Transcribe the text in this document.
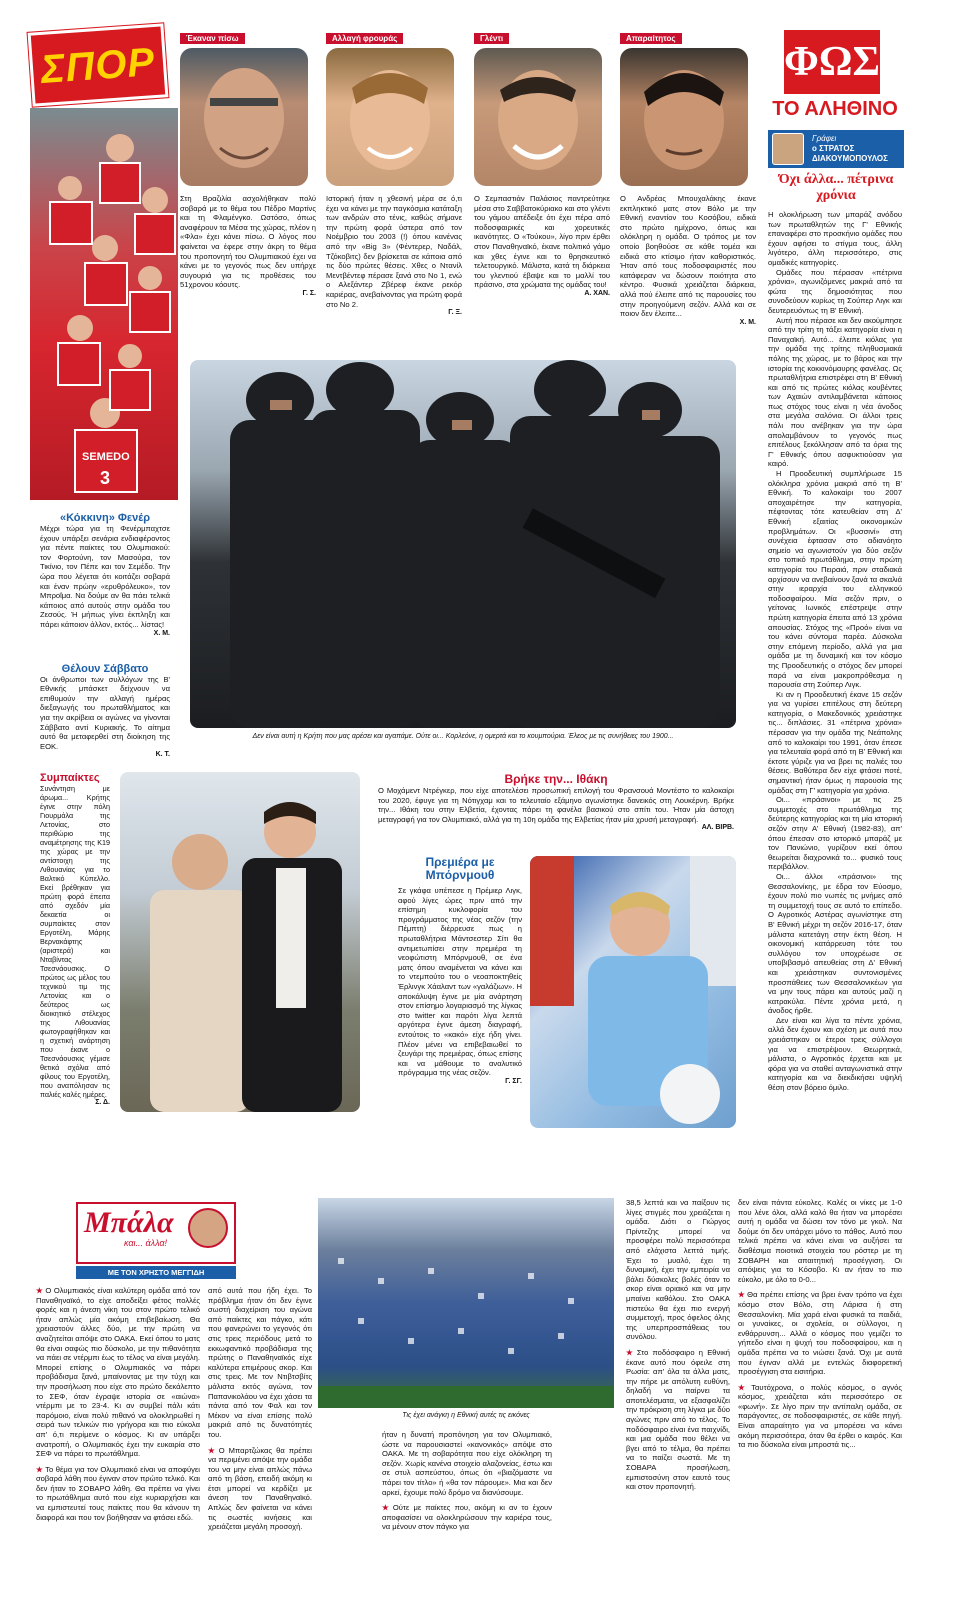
ΣΠΟΡ
SEMEDO
3
Έκαναν πίσω
Στη Βραζιλία ασχολήθηκαν πολύ σοβαρά με το θέμα του Πέδρο Μαρτίνς και τη Φλαμένγκο. Ωστόσο, όπως αναφέρουν τα Μέσα της χώρας, πλέον η «Φλα» έχει κάνει πίσω. Ο λόγος που φαίνεται να έφερε στην άκρη το θέμα του προπονητή του Ολυμπιακού έχει να κάνει με το γεγονός πως δεν υπήρχε συγουριά για τις προθέσεις του 51χρονου κόουτς.
Γ. Σ.
Αλλαγή φρουράς
Ιστορική ήταν η χθεσινή μέρα σε ό,τι έχει να κάνει με την παγκόσμια κατάταξη των ανδρών στο τένις, καθώς σήμανε την πρώτη φορά ύστερα από τον Νοέμβριο του 2003 (!) όπου κανένας από την «Big 3» (Φέντερερ, Ναδάλ, Τζόκοβιτς) δεν βρίσκεται σε κάποια από τις δύο πρώτες θέσεις. Χθες ο Ντανίλ Μεντβέντεφ πέρασε ξανά στο Νο 1, ενώ ο Αλεξάντερ Ζβέρεφ έκανε ρεκόρ καριέρας, ανεβαίνοντας για πρώτη φορά στο Νο 2.
Γ. Ξ.
Γλέντι
Ο Σεμπαστιάν Παλάσιος παντρεύτηκε μέσα στο Σαββατοκύριακο και στο γλέντι του γάμου απέδειξε ότι έχει πέρα από ποδοσφαιρικές και χορευτικές ικανότητες. Ο «Τούκου», λίγο πριν έρθει στον Παναθηναϊκό, έκανε πολιτικό γάμο και χθες έγινε και το θρησκευτικό τελετουργικό. Μάλιστα, κατά τη διάρκεια του γλεντιού έβαψε και το μαλλί του πράσινο, στα χρώματα της ομάδας του!
Α. ΧΑΝ.
Απαραίτητος
Ο Ανδρέας Μπουχαλάκης έκανε εκπληκτικό ματς στον Βόλο με την Εθνική εναντίον του Κοσόβου, ειδικά στο πρώτο ημίχρονο, όπως και ολόκληρη η ομάδα. Ο τρόπος με τον οποίο βοηθούσε σε κάθε τομέα και ειδικά στο κτίσιμο ήταν καθοριστικός. Ήταν από τους ποδοσφαιριστές που κατάφεραν να δώσουν ποιότητα στο κέντρο. Φυσικά χρειάζεται διάρκεια, αλλά πού έλειπε από τις παρουσίες του στην προηγούμενη σεζόν. Αλλά και σε ποιον δεν έλειπε...
Χ. Μ.
ΦΩΣ
ΤΟ ΑΛΗΘΙΝΟ
Γράφει
ο ΣΤΡΑΤΟΣ ΔΙΑΚΟΥΜΟΠΟΥΛΟΣ
Όχι άλλα... πέτρινα χρόνια

Η ολοκλήρωση των μπαράζ ανόδου των πρωταθλητών της Γ' Εθνικής επαναφέρει στο προσκήνιο ομάδες που έχουν αφήσει το στίγμα τους, άλλη λιγότερο, άλλη περισσότερο, στις ομαδικές κατηγορίες.

Ομάδες που πέρασαν «πέτρινα χρόνια», αγωνιζόμενες μακριά από τα φώτα της δημοσιότητας που συνοδεύουν κυρίως τη Σούπερ Λιγκ και δευτερευόντως τη Β' Εθνική.

Αυτή που πέρασε και δεν ακούμπησε από την τρίτη τη τάξει κατηγορία είναι η Παναχαϊκή. Αυτό... έλειπε κιόλας για την ομάδα της τρίτης πληθυσμιακά πόλης της χώρας, με το βάρος και την ιστορία της κοκκινόμαυρης φανέλας. Ως πρωταθλήτρια επιστρέφει στη Β' Εθνική και από τις πρώτες κιόλας κουβέντες των Αχαιών αντιλαμβάνεται κάποιος πως στόχος τους είναι η νέα άνοδος στα μεγάλα σαλόνια. Οι άλλοι τρεις πάλι που ανέβηκαν για την ώρα απολαμβάνουν το γεγονός πως επιτέλους ξεκόλλησαν από τα όρια της Γ' Εθνικής όπου ασφυκτιούσαν για καιρό.

Η Προοδευτική συμπλήρωσε 15 ολόκληρα χρόνια μακριά από τη Β' Εθνική. Το καλοκαίρι του 2007 αποχαιρέτησε την κατηγορία, πέφτοντας τότε κατευθείαν στη Δ' Εθνική εξαιτίας οικονομικών προβλημάτων. Οι «βυσσινί» στη συνέχεια έφτασαν στο αδιανόητο σημείο να αγωνιστούν για δύο σεζόν στο τοπικό πρωτάθλημα, στην πρώτη κατηγορία του Πειραιά, πριν σταδιακά αρχίσουν να ανεβαίνουν ξανά τα σκαλιά στην ιεραρχία του ελληνικού ποδοσφαίρου. Μία σεζόν πριν, ο γείτονας Ιωνικός επέστρεψε στην πρώτη κατηγορία έπειτα από 13 χρόνια απουσίας. Στόχος της «Προό» είναι να του κάνει σύντομα παρέα. Δύσκολα στην επόμενη περίοδο, αλλά για μια ομάδα με τη δυναμική και τον κόσμο της Προοδευτικής ο στόχος δεν μπορεί παρά να είναι μακροπρόθεσμα η παρουσία στη Σούπερ Λιγκ.

Κι αν η Προοδευτική έκανε 15 σεζόν για να γυρίσει επιτέλους στη δεύτερη κατηγορία, ο Μακεδονικός χρειάστηκε τις... διπλάσιες. 31 «πέτρινα χρόνια» πέρασαν για την ομάδα της Νεάπολης από το καλοκαίρι του 1991, όταν έπεσε για τελευταία φορά από τη Β' Εθνική και έκτοτε γύριζε για να βρει τις παλιές του θέσεις. Βαθύτερα δεν είχε φτάσει ποτέ, σημαντική ήταν όμως η παρουσία της ομάδας στη Γ' κατηγορία για χρόνια.

Οι... «πράσινοι» με τις 25 συμμετοχές στο πρωτάθλημα της δεύτερης κατηγορίας και τη μία ιστορική σεζόν στην Α' Εθνική (1982-83), απ' όπου έπεσαν στο ιστορικό μπαράζ με τον Πανιώνιο, γυρίζουν εκεί όπου θεωρείται διαχρονικά το... φυσικό τους περιβάλλον.

Οι... άλλοι «πράσινοι» της Θεσσαλονίκης, με έδρα τον Εύοσμο, έχουν πολύ πιο νωπές τις μνήμες από τη συμμετοχή τους σε αυτό το επίπεδο. Ο Αγροτικός Αστέρας αγωνίστηκε στη Β' Εθνική μέχρι τη σεζόν 2016-17, όταν μάλιστα κατετάγη στην έκτη θέση. Η οικονομική κατάρρευση τότε του συλλόγου τον υποχρέωσε σε υποβιβασμό απευθείας στη Δ' Εθνική και χρειάστηκαν συντονισμένες προσπάθειες των Θεσσαλονικέων για να μην τους πάρει και αυτούς μαζί η κατρακύλα. Πέντε χρόνια μετά, η άνοδος ήρθε.

Δεν είναι και λίγα τα πέντε χρόνια, αλλά δεν έχουν και σχέση με αυτά που χρειάστηκαν οι έτεροι τρεις σύλλογοι για να επιστρέψουν. Θεωρητικά, μάλιστα, ο Αγροτικός έρχεται και με φόρα για να σταθεί ανταγωνιστικά στην κατηγορία και να διεκδικήσει υψηλή θέση στον βόρειο όμιλο.

«Κόκκινη» Φενέρ
Μέχρι τώρα για τη Φενέρμπαχτσε έχουν υπάρξει σενάρια ενδιαφέροντος για πέντε παίκτες του Ολυμπιακού: τον Φορτούνη, τον Μασούρα, τον Τικίνιο, τον Πέπε και τον Σεμέδο. Την ώρα που λέγεται ότι κοιτάζει σοβαρά και έναν πρώην «ερυθρόλευκο», τον Μπροΐμα. Να δούμε αν θα πάει τελικά κάποιος από αυτούς στην ομάδα του Ζεσούς. Ή μήπως γίνει έκπληξη και πάρει κάποιον άλλον, εκτός... λίστας!
Χ. Μ.
Θέλουν Σάββατο
Οι άνθρωποι των συλλόγων της Β' Εθνικής μπάσκετ δείχνουν να επιθυμούν την αλλαγή ημέρας διεξαγωγής του πρωταθλήματος και για την ακρίβεια οι αγώνες να γίνονται Σάββατο αντί Κυριακής. Το αίτημα αυτό θα μεταφερθεί στη διοίκηση της ΕΟΚ.
Κ. Τ.
Δεν είναι αυτή η Κρήτη που μας αρέσει και αγαπάμε. Ούτε οι... Κορλεόνε, η ομερτά και το κουμπούρια. Έλεος με τις συνήθειες του 1900...
Συμπαίκτες
Συνάντηση με άρωμα... Κρήτης έγινε στην πόλη Γιουρμάλα της Λετονίας, στο περιθώριο της αναμέτρησης της Κ19 της χώρας με την αντίστοιχη της Λιθουανίας για το Βαλτικό Κύπελλο. Εκεί βρέθηκαν για πρώτη φορά έπειτα από σχεδόν μία δεκαετία οι συμπαίκτες στον Εργοτέλη, Μάρης Βερνακάφτης (αριστερά) και Νταβίντας Τσεσνάουσκις. Ο πρώτος ως μέλος του τεχνικού τιμ της Λετονίας και ο δεύτερος ως διοικητικό στέλεχος της Λιθουανίας φωτογραφήθηκαν και η σχετική ανάρτηση που έκανε ο Τσεσνάουσκις γέμισε θετικά σχόλια από φίλους του Εργοτέλη, που αναπόλησαν τις παλιές καλές ημέρες.
Σ. Δ.
Βρήκε την... Ιθάκη
Ο Μοχάμεντ Ντρέγκερ, που είχε αποτελέσει προσωπική επιλογή του Φρανσουά Μοντέστο το καλοκαίρι του 2020, έφυγε για τη Νότιγχαμ και το τελευταίο εξάμηνο αγωνίστηκε δανεικός στη Λουκέρνη. Βρήκε την... Ιθάκη του στην Ελβετία, έχοντας πάρει τη φανέλα βασικού στο σπίτι του. Ήταν μία άστοχη μεταγραφή για τον Ολυμπιακό, αλλά για τη 10η ομάδα της Ελβετίας ήταν μία χρυσή μεταγραφή.
ΑΛ. ΒΙΡΒ.
Πρεμιέρα με Μπόρνμουθ
Σε γκάφα υπέπεσε η Πρέμιερ Λιγκ, αφού λίγες ώρες πριν από την επίσημη κυκλοφορία του προγράμματος της νέας σεζόν (την Πέμπτη) διέρρευσε πως η πρωταθλήτρια Μάντσεστερ Σίτι θα αντιμετωπίσει στην πρεμιέρα τη νεοφώτιστη Μπόρνμουθ, σε ένα ματς όπου αναμένεται να κάνει και το ντεμπούτο του ο νεοαποκτηθείς Έρλινγκ Χάαλαντ των «γαλάζιων». Η αποκάλυψη έγινε με μία ανάρτηση στον επίσημο λογαριασμό της λίγκας στο twitter και παρότι λίγα λεπτά αργότερα έγινε άμεση διαγραφή, εντούτοις το «κακό» είχε ήδη γίνει. Πλέον μένει να επιβεβαιωθεί το ζευγάρι της πρεμιέρας, όπως επίσης και να μάθουμε το αναλυτικό πρόγραμμα της νέας σεζόν.
Γ. ΣΓ.
Μπάλα
και... άλλα!
ΜΕ ΤΟΝ ΧΡΗΣΤΟ ΜΕΓΓΙΔΗ

★ Ο Ολυμπιακός είναι καλύτερη ομάδα από τον Παναθηναϊκό, το είχε αποδείξει φέτος πολλές φορές και η άνεση νίκη του στον πρώτο τελικό ήταν απλώς μία ακόμη επιβεβαίωση. Θα χρειαστούν άλλες δύο, με την πρώτη να αναζητείται απόψε στο ΟΑΚΑ. Εκεί όπου το ματς θα είναι σαφώς πιο δύσκολο, με την πιθανότητα να πάει σε ντέρμπι έως το τέλος να είναι μεγάλη. Μπορεί επίσης ο Ολυμπιακός να πάρει προβάδισμα ξανά, μπαίνοντας με την τύχη και την προσήλωση που είχε στο πρώτο δεκάλεπτο το ΣΕΦ, όταν έγραψε ιστορία σε «αιώνα» ντέρμπι με το 23-4. Κι αν συμβεί πάλι κάτι παρόμοιο, είναι πολύ πιθανό να ολοκληρωθεί η σειρά των τελικών πιο γρήγορα και πιο εύκολα απ' ό,τι περίμενε ο κόσμος. Κι αν υπάρξει ανατροπή, ο Ολυμπιακός έχει την ευκαιρία στο ΣΕΦ να πάρει το πρωτάθλημα.

★ Το θέμα για τον Ολυμπιακό είναι να αποφύγει σοβαρά λάθη που έγιναν στον πρώτο τελικό. Και δεν ήταν το ΣΟΒΑΡΟ λάθη. Θα πρέπει να γίνει το πρωτάθλημα αυτό που είχε κυριαρχήσει και να εμπιστευτεί τους παίκτες που θα κάνουν τη διαφορά και που τον βοήθησαν να φτάσει εδώ.

από αυτά που ήδη έχει. Το πρόβλημα ήταν ότι δεν έγινε σωστή διαχείριση του αγώνα από παίκτες και πάγκο, κάτι που φανερώνει το γεγονός ότι στις τρεις περιόδους μετά το εκκωφαντικό προβάδισμα της πρώτης ο Παναθηναϊκός είχε καλύτερα επιμέρους σκορ. Και στις τρεις. Με τον Ντιβτσβίτς μάλιστα εκτός αγώνα, τον Παπανικολάου να έχει χάσει τα πάντα από τον Φαλ και τον Μέκον να είναι επίσης πολύ μακριά από τις δυνατότητές του.

★ Ο Μπαρτζώκας θα πρέπει να περιμένει απόψε την ομάδα του να μην είναι απλώς πάνω από τη βάση, επειδή ακόμη κι έτσι μπορεί να κερδίζει με άνεση τον Παναθηναϊκό. Απλώς δεν φαίνεται να κάνει τις σωστές κινήσεις και χρειάζεται μεγάλη προσοχή.

Τις έχει ανάγκη η Εθνική αυτές τις εικόνες

ήταν η δυνατή προπόνηση για τον Ολυμπιακό, ώστε να παρουσιαστεί «κανονικός» απόψε στο ΟΑΚΑ. Με τη σοβαρότητα που είχε ολόκληρη τη σεζόν. Χωρίς κανένα στοιχείο αλαζονείας, έστω και σε στυλ ασπεύστου, όπως ότι «βιαζόμαστε να πάρει τον τίτλο» ή «θα τον πάρουμε». Μια και δεν αρκεί, έχουμε πολύ δρόμο να διανύσουμε.

★ Ούτε με παίκτες που, ακόμη κι αν το έχουν αποφασίσει να ολοκληρώσουν την καριέρα τους, να μένουν στον πάγκο για

38,5 λεπτά και να παίξουν τις λίγες στιγμές που χρειάζεται η ομάδα. Διότι ο Γιώργος Πρίντεζης μπορεί να προσφέρει πολύ περισσότερα από ελάχιστα λεπτά τιμής. Έχει το μυαλό, έχει τη δυναμική, έχει την εμπειρία να βάλει δύσκολες βολές όταν το σκορ είναι οριακό και να μην μπαίνει καθόλου. Στο ΟΑΚΑ πιστεύω θα έχει πιο ενεργή συμμετοχή, προς όφελος όλης της υπερπροσπάθειας του συνόλου.

★ Στο ποδόσφαιρο η Εθνική έκανε αυτό που όφειλε στη Ρωσία: απ' όλα τα άλλα ματς, την πήρε με απόλυτη ευθύνη, δηλαδή να παίρνει τα αποτελέσματα, να εξασφαλίζει την πρόκριση στη λίγκα με δύο αγώνες πριν από το τέλος. Το ποδόσφαιρο είναι ένα παιχνίδι, και μια ομάδα που θέλει να βγει από το τέλμα, θα πρέπει να το παίζει σωστά. Με τη ΣΟΒΑΡΑ προσήλωση, εμπιστοσύνη στον εαυτό τους και στον προπονητή.

δεν είναι πάντα εύκολες. Καλές οι νίκες με 1-0 που λένε όλοι, αλλά καλό θα ήταν να μπορέσει αυτή η ομάδα να δώσει τον τόνο με γκολ. Να δούμε ότι δεν υπάρχει μόνο το πάθος. Αυτό που τελικά πρέπει να κάνει είναι να αυξήσει τα διαθέσιμα ποιοτικά στοιχεία του ρόστερ με τη ΣΟΒΑΡΗ και απαιτητική προσέγγιση. Οι απόψεις για το Κόσοβο. Κι αν ήταν το πιο εύκολο, με όλο το 0-0...

★ Θα πρέπει επίσης να βρει έναν τρόπο να έχει κόσμο στον Βόλο, στη Λάρισα ή στη Θεσσαλονίκη. Μία χαρά είναι φυσικά τα παιδιά, οι γυναίκες, οι σχολεία, οι σύλλογοι, η ενθάρρυνση... Αλλά ο κόσμος που γεμίζει το γήπεδο είναι η ψυχή του ποδοσφαίρου, και η ομάδα πρέπει να το νιώσει ξανά. Όχι με αυτά που έγιναν αλλά με εντελώς διαφορετική προσέγγιση στα εισιτήρια.

★ Ταυτόχρονα, ο πολύς κόσμος, ο αγνός κόσμος, χρειάζεται κάτι περισσότερο σε «φωνή». Σε λίγο πριν την αντίπαλη ομάδα, σε παράγοντες, σε ποδοσφαιριστές, σε κάθε πηγή. Είναι απαραίτητο για να μπορέσει να κάνει ακόμη περισσότερα, όταν θα έρθει ο καιρός. Και τα πιο δύσκολα είναι μπροστά τις...
